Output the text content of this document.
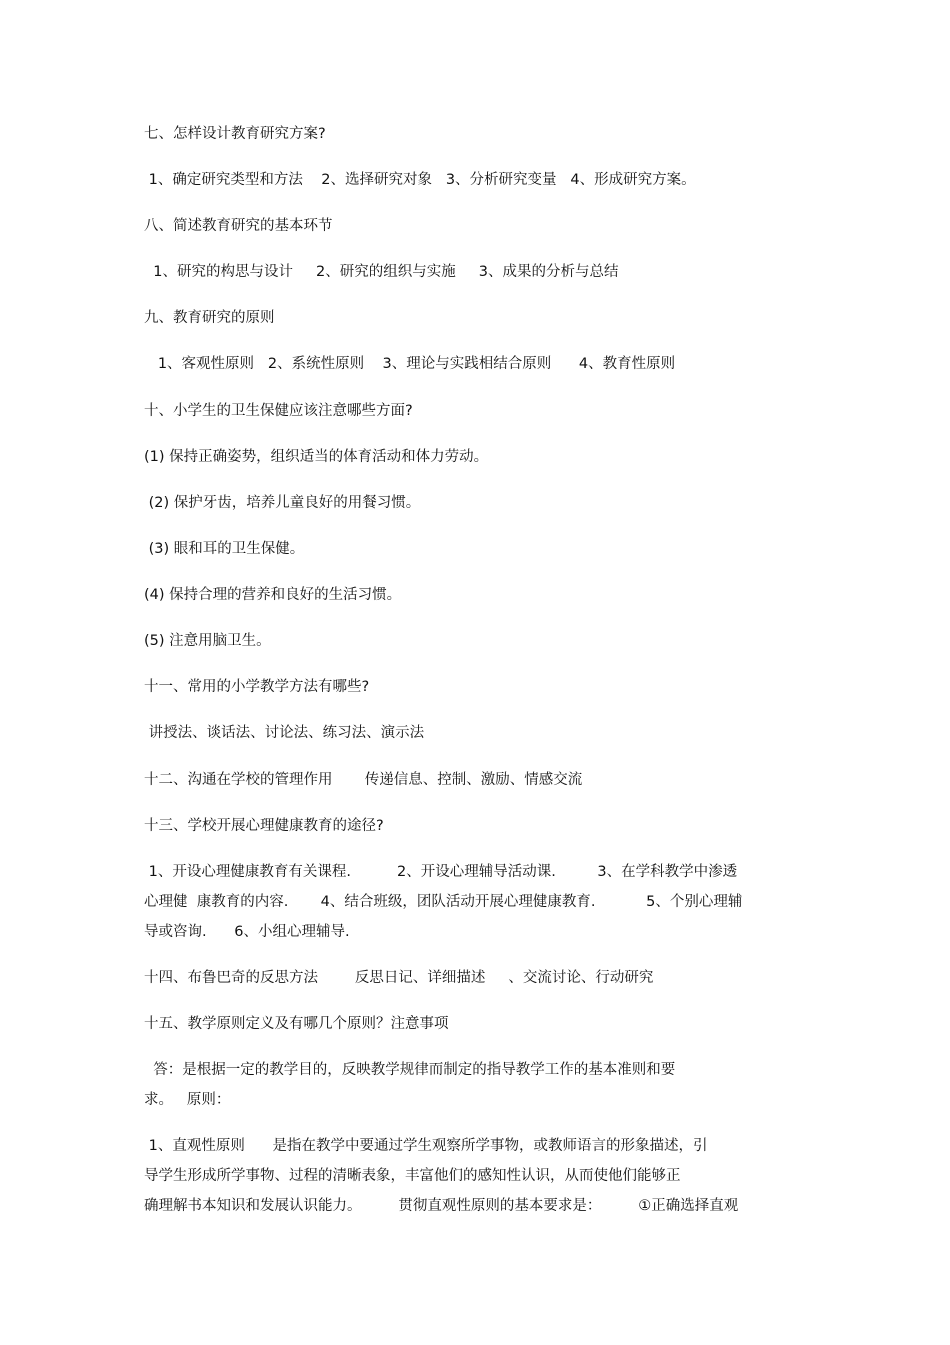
七、怎样设计教育研究方案?
1、确定研究类型和方法    2、选择研究对象   3、分析研究变量   4、形成研究方案。
八、简述教育研究的基本环节
1、研究的构思与设计     2、研究的组织与实施     3、成果的分析与总结
九、教育研究的原则
1、客观性原则   2、系统性原则    3、理论与实践相结合原则      4、教育性原则
十、小学生的卫生保健应该注意哪些方面?
(1) 保持正确姿势，组织适当的体育活动和体力劳动。
(2) 保护牙齿，培养儿童良好的用餐习惯。
(3) 眼和耳的卫生保健。
(4) 保持合理的营养和良好的生活习惯。
(5) 注意用脑卫生。
十一、常用的小学教学方法有哪些?
讲授法、谈话法、讨论法、练习法、演示法
十二、沟通在学校的管理作用       传递信息、控制、激励、情感交流
十三、学校开展心理健康教育的途径?
1、开设心理健康教育有关课程.          2、开设心理辅导活动课.         3、在学科教学中渗透
心理健  康教育的内容.       4、结合班级，团队活动开展心理健康教育.           5、个别心理辅
导或咨询.      6、小组心理辅导.
十四、布鲁巴奇的反思方法        反思日记、详细描述     、交流讨论、行动研究
十五、教学原则定义及有哪几个原则？注意事项
答：是根据一定的教学目的，反映教学规律而制定的指导教学工作的基本准则和要
求。   原则：
1、直观性原则      是指在教学中要通过学生观察所学事物，或教师语言的形象描述，引
导学生形成所学事物、过程的清晰表象，丰富他们的感知性认识，从而使他们能够正
确理解书本知识和发展认识能力。        贯彻直观性原则的基本要求是：        ①正确选择直观
